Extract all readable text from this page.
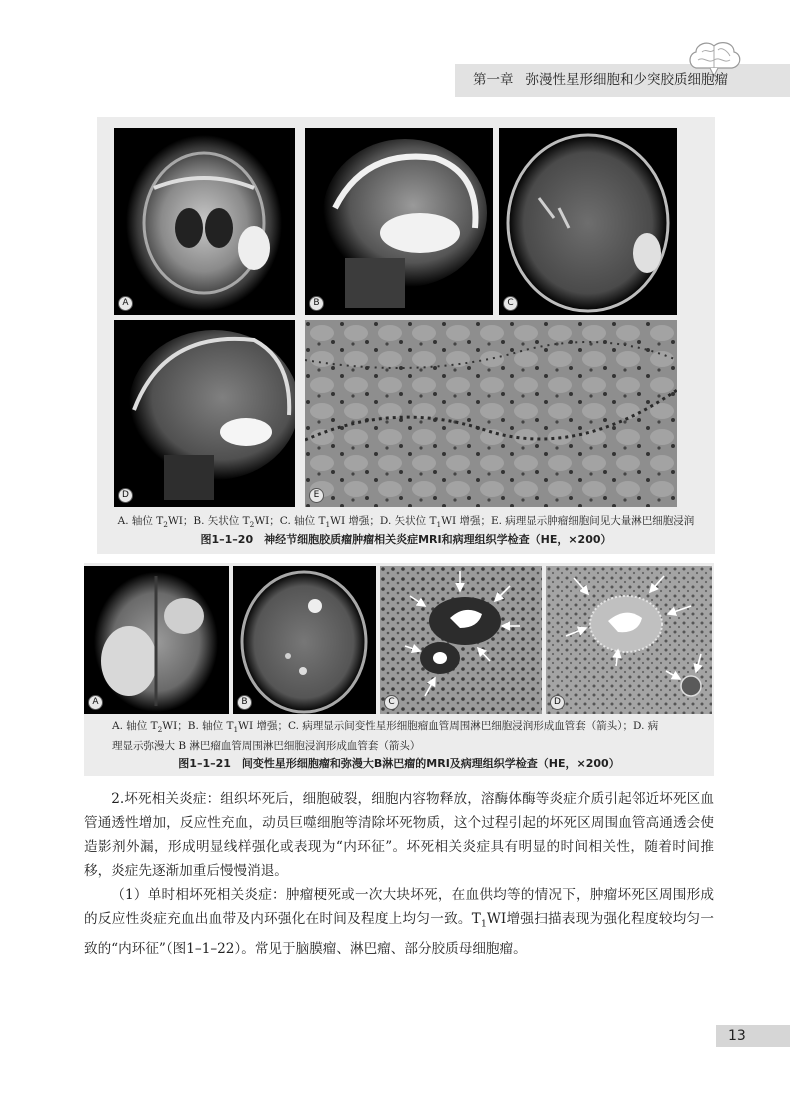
第一章 弥漫性星形细胞和少突胶质细胞瘤
A	B	C
D	E
A. 轴位 $T_2WI$；B. 矢状位 $T_2WI$；C. 轴位 $T_1WI$ 增强；D. 矢状位 $T_1WI$ 增强；E. 病理显示肿瘤细胞间见大量淋巴细胞浸润
图1–1–20　神经节细胞胶质瘤肿瘤相关炎症MRI和病理组织学检查（HE，×200）
A	B	C	D
A. 轴位 $T_2WI$；B. 轴位 $T_1WI$ 增强；C. 病理显示间变性星形细胞瘤血管周围淋巴细胞浸润形成血管套（箭头）；D. 病
理显示弥漫大 B 淋巴瘤血管周围淋巴细胞浸润形成血管套（箭头）
图1–1–21　间变性星形细胞瘤和弥漫大B淋巴瘤的MRI及病理组织学检查（HE，×200）
2.坏死相关炎症：组织坏死后，细胞破裂，细胞内容物释放，溶酶体酶等炎症介质引起邻近坏死区血管通透性增加，反应性充血，动员巨噬细胞等清除坏死物质，这个过程引起的坏死区周围血管高通透会使造影剂外漏，形成明显线样强化或表现为“内环征”。坏死相关炎症具有明显的时间相关性，随着时间推移，炎症先逐渐加重后慢慢消退。
（1）单时相坏死相关炎症：肿瘤梗死或一次大块坏死，在血供均等的情况下，肿瘤坏死区周围形成的反应性炎症充血出血带及内环强化在时间及程度上均匀一致。$T_1WI$增强扫描表现为强化程度较均匀一致的“内环征”（图1–1–22）。常见于脑膜瘤、淋巴瘤、部分胶质母细胞瘤。
13
